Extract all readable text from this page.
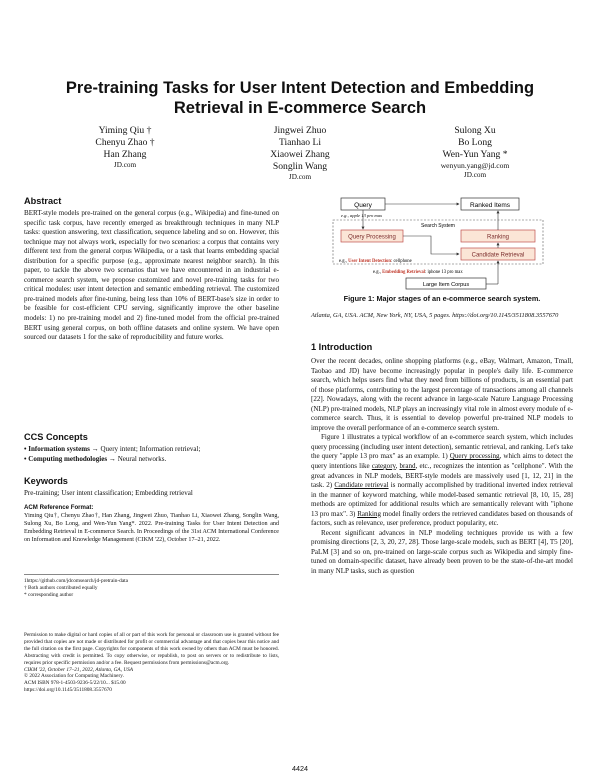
Pre-training Tasks for User Intent Detection and Embedding Retrieval in E-commerce Search
Yiming Qiu †
Chenyu Zhao †
Han Zhang
JD.com
Jingwei Zhuo
Tianhao Li
Xiaowei Zhang
Songlin Wang
JD.com
Sulong Xu
Bo Long
Wen-Yun Yang *
wenyun.yang@jd.com
JD.com
Abstract

BERT-style models pre-trained on the general corpus (e.g., Wikipedia) and fine-tuned on specific task corpus, have recently emerged as breakthrough techniques in many NLP tasks: question answering, text classification, sequence labeling and so on. However, this technique may not always work, especially for two scenarios: a corpus that contains very different text from the general corpus Wikipedia, or a task that learns embedding spacial distribution for a specific purpose (e.g., approximate nearest neighbor search). In this paper, to tackle the above two scenarios that we have encountered in an industrial e-commerce search system, we propose customized and novel pre-training tasks for two critical modules: user intent detection and semantic embedding retrieval. The customized pre-trained models after fine-tuning, being less than 10% of BERT-base's size in order to be feasible for cost-efficient CPU serving, significantly improve the other baseline models: 1) no pre-training model and 2) fine-tuned model from the official pre-trained BERT using general corpus, on both offline datasets and online system. We have open sourced our datasets 1 for the sake of reproducibility and future works.

CCS Concepts

• Information systems → Query intent; Information retrieval;

• Computing methodologies → Neural networks.

Keywords

Pre-training; User intent classification; Embedding retrieval

ACM Reference Format:

Yiming Qiu†, Chenyu Zhao†, Han Zhang, Jingwei Zhuo, Tianhao Li, Xiaowei Zhang, Songlin Wang, Sulong Xu, Bo Long, and Wen-Yun Yang*. 2022. Pre-training Tasks for User Intent Detection and Embedding Retrieval in E-commerce Search. In Proceedings of the 31st ACM International Conference on Information and Knowledge Management (CIKM '22), October 17–21, 2022.

1https://github.com/jdcomsearch/jd-pretrain-data

† Both authors contributed equally

* corresponding author

Permission to make digital or hard copies of all or part of this work for personal or classroom use is granted without fee provided that copies are not made or distributed for profit or commercial advantage and that copies bear this notice and the full citation on the first page. Copyrights for components of this work owned by others than ACM must be honored. Abstracting with credit is permitted. To copy otherwise, or republish, to post on servers or to redistribute to lists, requires prior specific permission and/or a fee. Request permissions from permissions@acm.org.

CIKM '22, October 17–21, 2022, Atlanta, GA, USA

© 2022 Association for Computing Machinery.

ACM ISBN 978-1-4503-9236-5/22/10... $15.00

https://doi.org/10.1145/3511808.3557670

Query
e.g., apple 13 pro max
Ranked Items
Search System
Query Processing	Ranking
Candidate Retrieval
e.g., User Intent Detection: cellphone
e.g., Embedding Retrieval: iphone 13 pro max
Large Item Corpus
Figure 1: Major stages of an e-commerce search system.
Atlanta, GA, USA. ACM, New York, NY, USA, 5 pages. https://doi.org/10.1145/3511808.3557670
1 Introduction

Over the recent decades, online shopping platforms (e.g., eBay, Walmart, Amazon, Tmall, Taobao and JD) have become increasingly popular in people's daily life. E-commerce search, which helps users find what they need from billions of products, is an essential part of those platforms, contributing to the largest percentage of transactions among all channels [22]. Nowadays, along with the recent advance in large-scale Nature Language Processing (NLP) pre-trained models, NLP plays an increasingly vital role in almost every module of e-commerce search. Thus, it is essential to develop powerful pre-trained NLP models to improve the overall performance of an e-commerce search system.

Figure 1 illustrates a typical workflow of an e-commerce search system, which includes query processing (including user intent detection), semantic retrieval, and ranking. Let's take the query "apple 13 pro max" as an example. 1) Query processing, which aims to detect the query intentions like category, brand, etc., recognizes the intention as "cellphone". With the great advances in NLP models, BERT-style models are massively used [1, 12, 21] in the task. 2) Candidate retrieval is normally accomplished by traditional inverted index retrieval in the manner of keyword matching, while model-based semantic retrieval [8, 10, 15, 28] methods are optimized for additional results which are semantically relevant with "iphone 13 pro max". 3) Ranking model finally orders the retrieved candidates based on thousands of factors, such as relevance, user preference, product popularity, etc.

Recent significant advances in NLP modeling techniques provide us with a few promising directions [2, 3, 20, 27, 28]. Those large-scale models, such as BERT [4], T5 [20], PaLM [3] and so on, pre-trained on large-scale corpus such as Wikipedia and simply fine-tuned on domain-specific dataset, have already been proven to be the state-of-the-art model in many NLP tasks, such as question

4424
